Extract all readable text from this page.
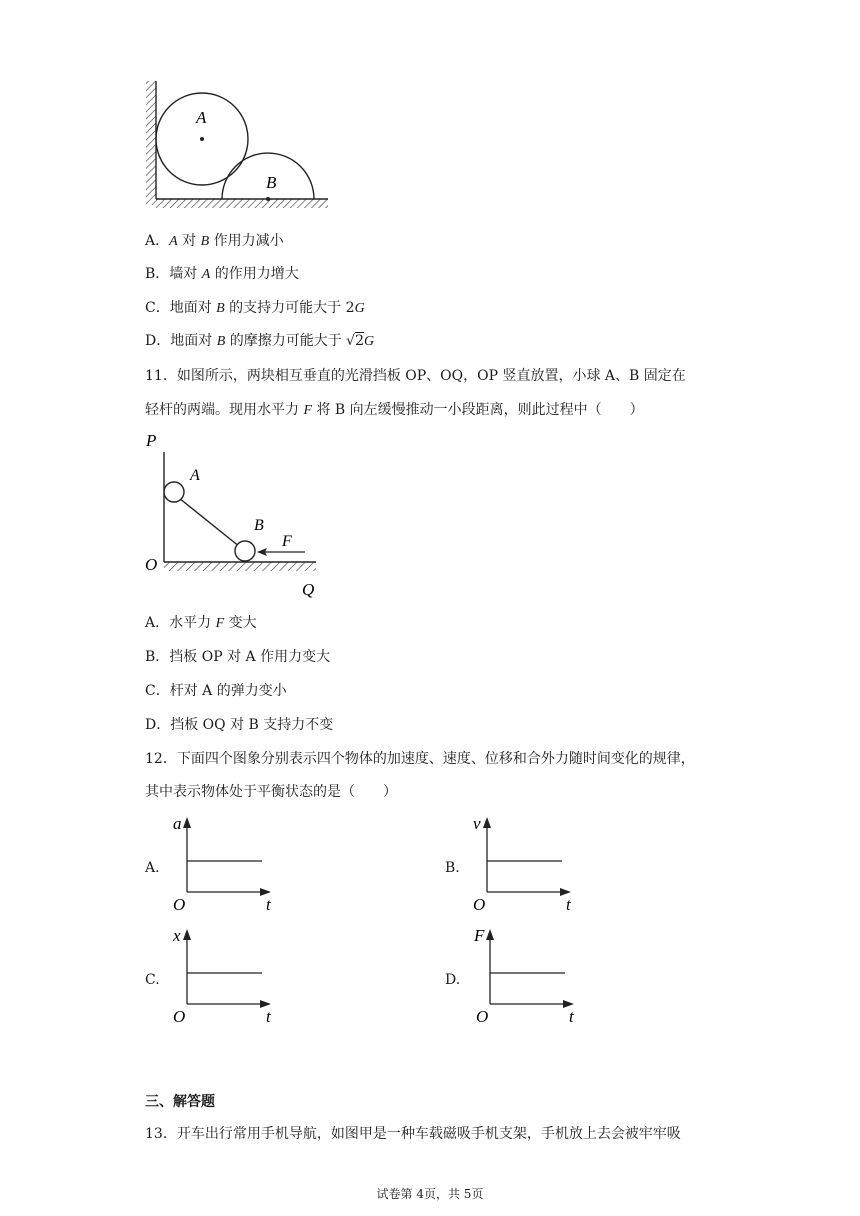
A
B
A．A 对 B 作用力减小
B．墙对 A 的作用力增大
C．地面对 B 的支持力可能大于 2G
D．地面对 B 的摩擦力可能大于 √2G
11．如图所示，两块相互垂直的光滑挡板 OP、OQ，OP 竖直放置，小球 A、B 固定在
轻杆的两端。现用水平力 F 将 B 向左缓慢推动一小段距离，则此过程中（　　）
P
A
B
F
O
Q
A．水平力 F 变大
B．挡板 OP 对 A 作用力变大
C．杆对 A 的弹力变小
D．挡板 OQ 对 B 支持力不变
12．下面四个图象分别表示四个物体的加速度、速度、位移和合外力随时间变化的规律，
其中表示物体处于平衡状态的是（　　）
A.
a
O	t
B.
v
O	t
C.
x
O	t
D.
F
O	t
三、解答题
13．开车出行常用手机导航，如图甲是一种车载磁吸手机支架，手机放上去会被牢牢吸
试卷第 4页，共 5页
